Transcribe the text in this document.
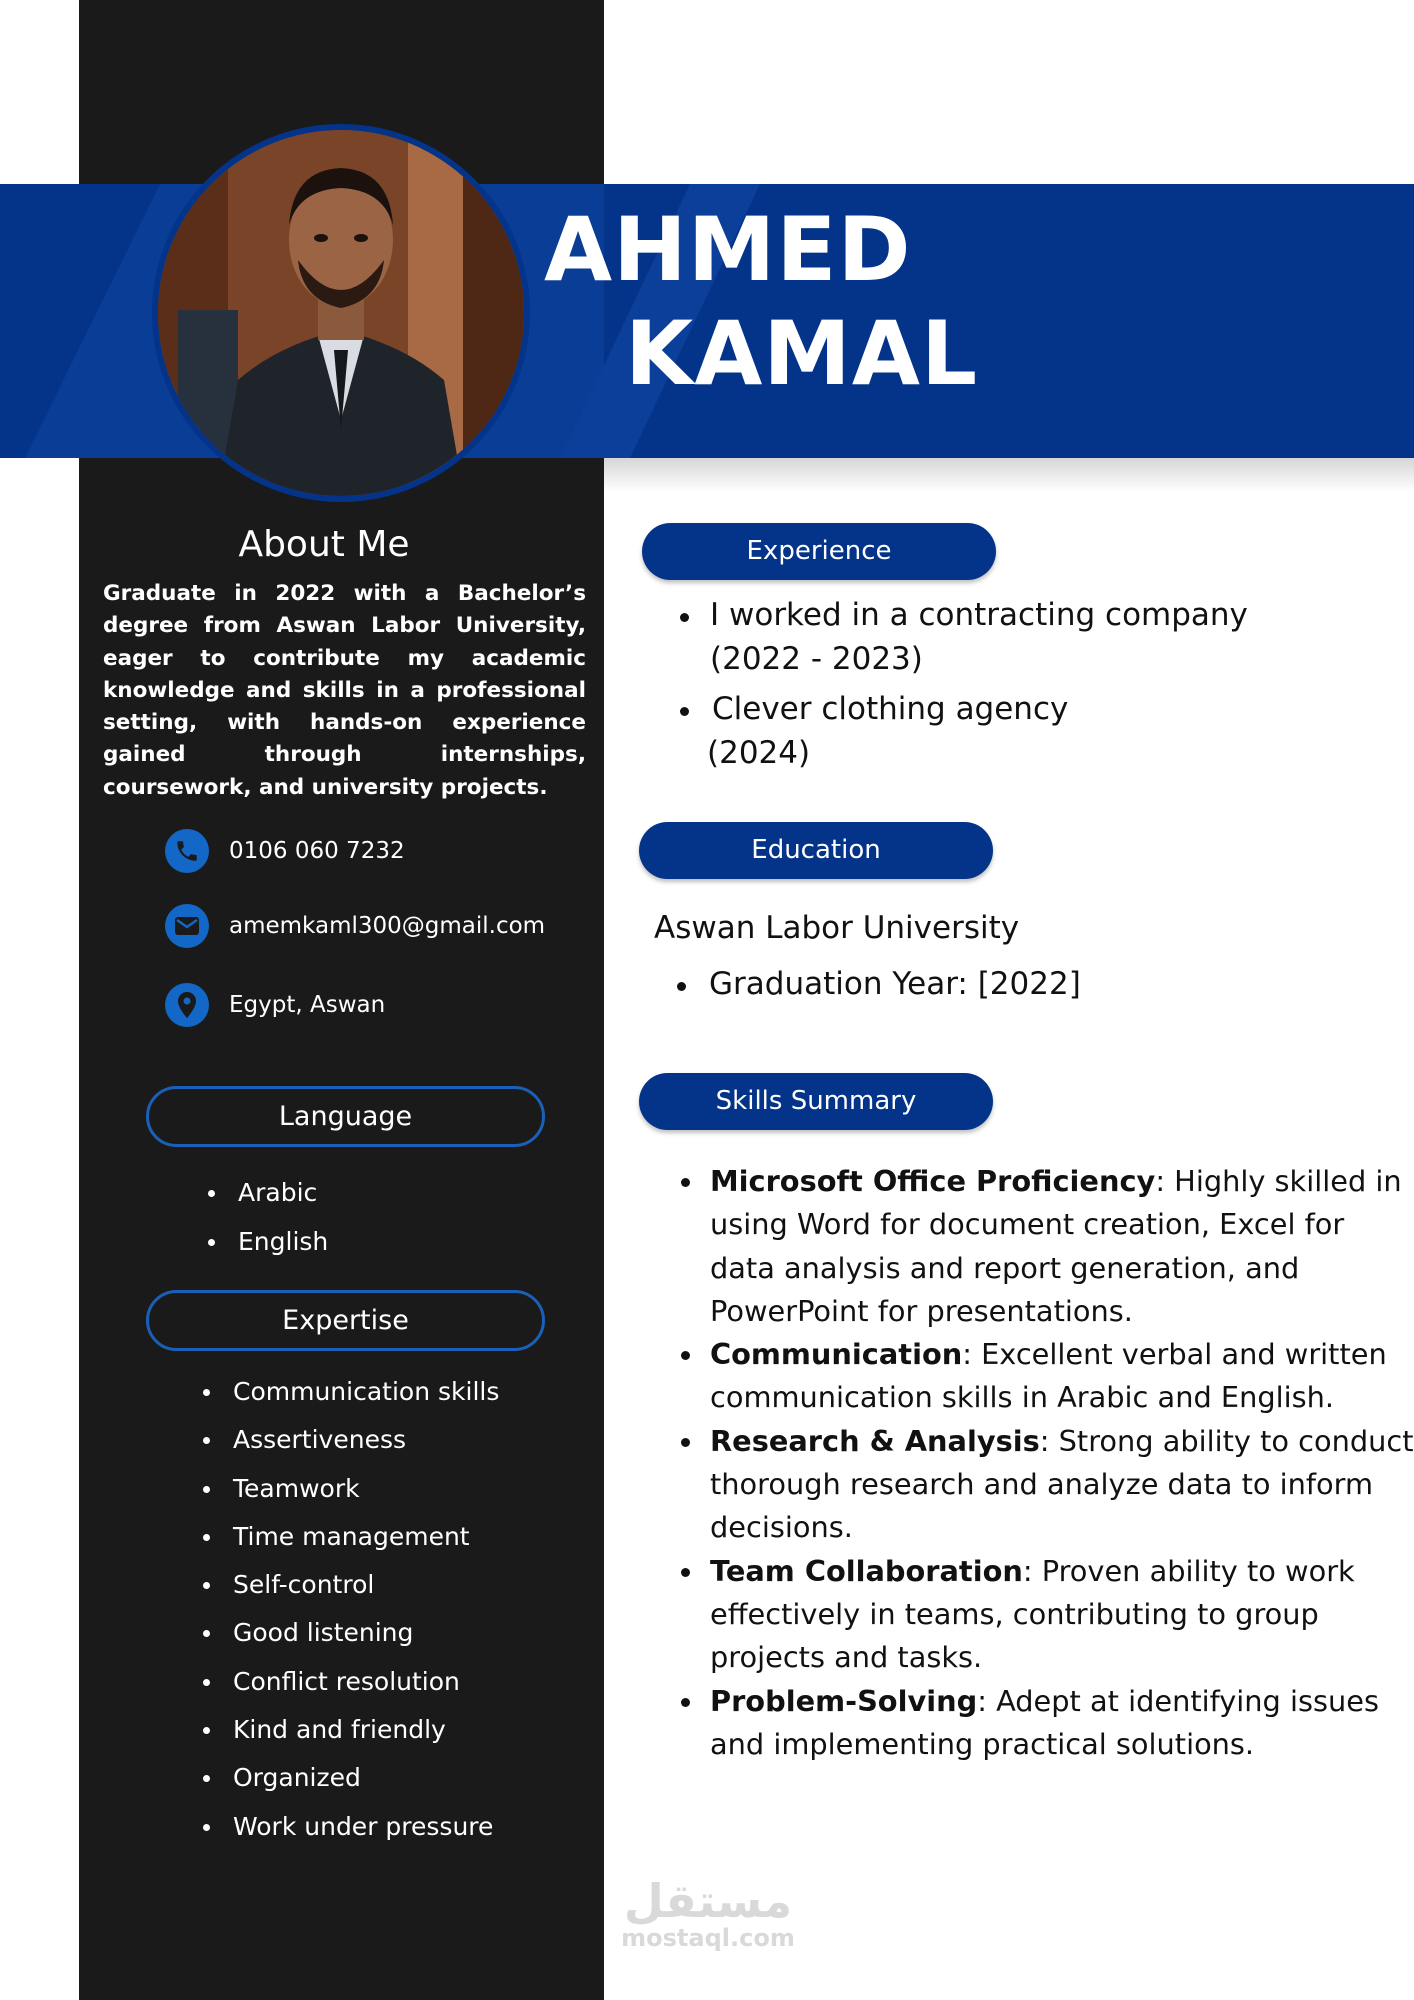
AHMED
KAMAL
About Me
Graduate in 2022 with a Bachelor’s degree from Aswan Labor University, eager to contribute my academic knowledge and skills in a professional setting, with hands-on experience gained through internships, coursework, and university projects.
0106 060 7232
amemkaml300@gmail.com
Egypt, Aswan
Language
Arabic
English
Expertise
Communication skills
Assertiveness
Teamwork
Time management
Self-control
Good listening
Conflict resolution
Kind and friendly
Organized
Work under pressure
Experience
I worked in a contracting company
(2022 - 2023)
Clever clothing agency
(2024)
Education
Aswan Labor University
Graduation Year: [2022]
Skills Summary
Microsoft Office Proficiency: Highly skilled in using Word for document creation, Excel for data analysis and report generation, and PowerPoint for presentations.
Communication: Excellent verbal and written communication skills in Arabic and English.
Research & Analysis: Strong ability to conduct thorough research and analyze data to inform decisions.
Team Collaboration: Proven ability to work effectively in teams, contributing to group projects and tasks.
Problem-Solving: Adept at identifying issues and implementing practical solutions.
مستقل
mostaql.com
